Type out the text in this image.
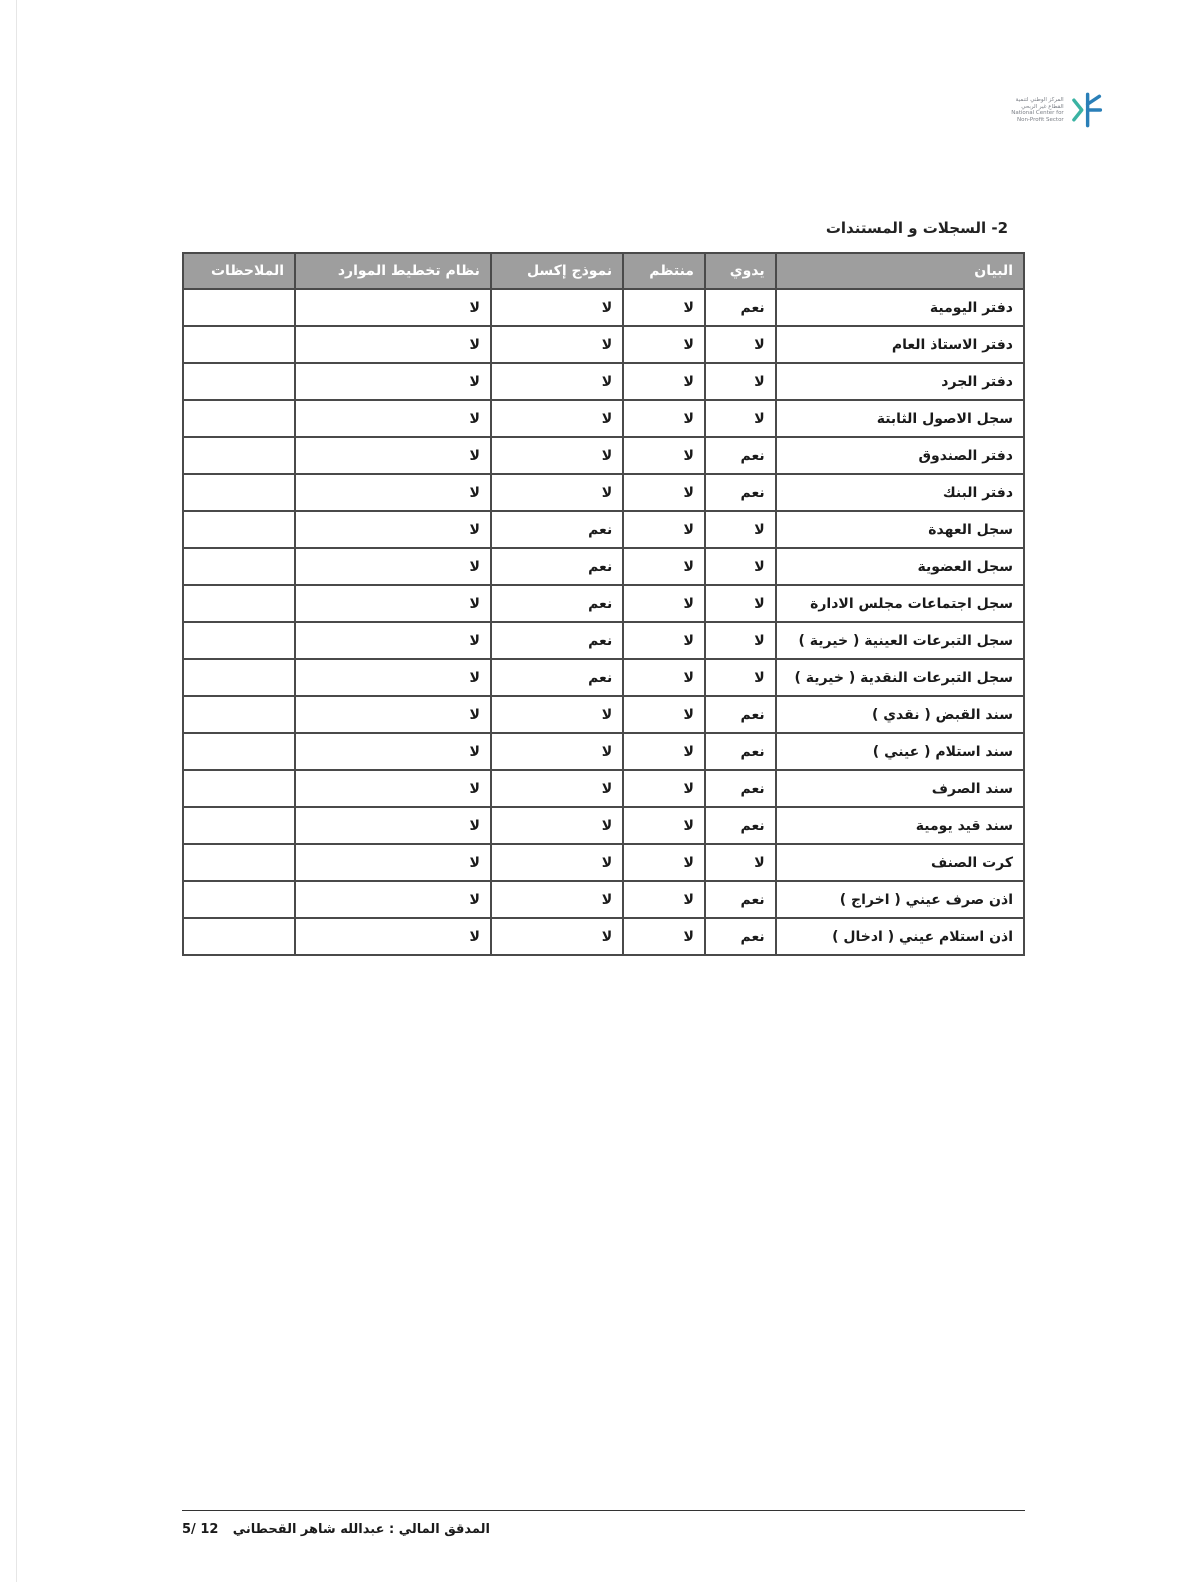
المركز الوطني لتنمية
القطاع غير الربحي
National Center for
Non-Profit Sector
2- السجلات و المستندات
البيان	يدوي	منتظم	نموذج إكسل	نظام تخطيط الموارد	الملاحظات
دفتر اليومية	نعم	لا	لا	لا	
دفتر الاستاذ العام	لا	لا	لا	لا	
دفتر الجرد	لا	لا	لا	لا	
سجل الاصول الثابتة	لا	لا	لا	لا	
دفتر الصندوق	نعم	لا	لا	لا	
دفتر البنك	نعم	لا	لا	لا	
سجل العهدة	لا	لا	نعم	لا	
سجل العضوية	لا	لا	نعم	لا	
سجل اجتماعات مجلس الادارة	لا	لا	نعم	لا	
سجل التبرعات العينية ( خيرية )	لا	لا	نعم	لا	
سجل التبرعات النقدية ( خيرية )	لا	لا	نعم	لا	
سند القبض ( نقدي )	نعم	لا	لا	لا	
سند استلام ( عيني )	نعم	لا	لا	لا	
سند الصرف	نعم	لا	لا	لا	
سند قيد يومية	نعم	لا	لا	لا	
كرت الصنف	لا	لا	لا	لا	
اذن صرف عيني ( اخراج )	نعم	لا	لا	لا	
اذن استلام عيني ( ادخال )	نعم	لا	لا	لا	
المدقق المالي : عبدالله شاهر القحطاني
5/ 12
